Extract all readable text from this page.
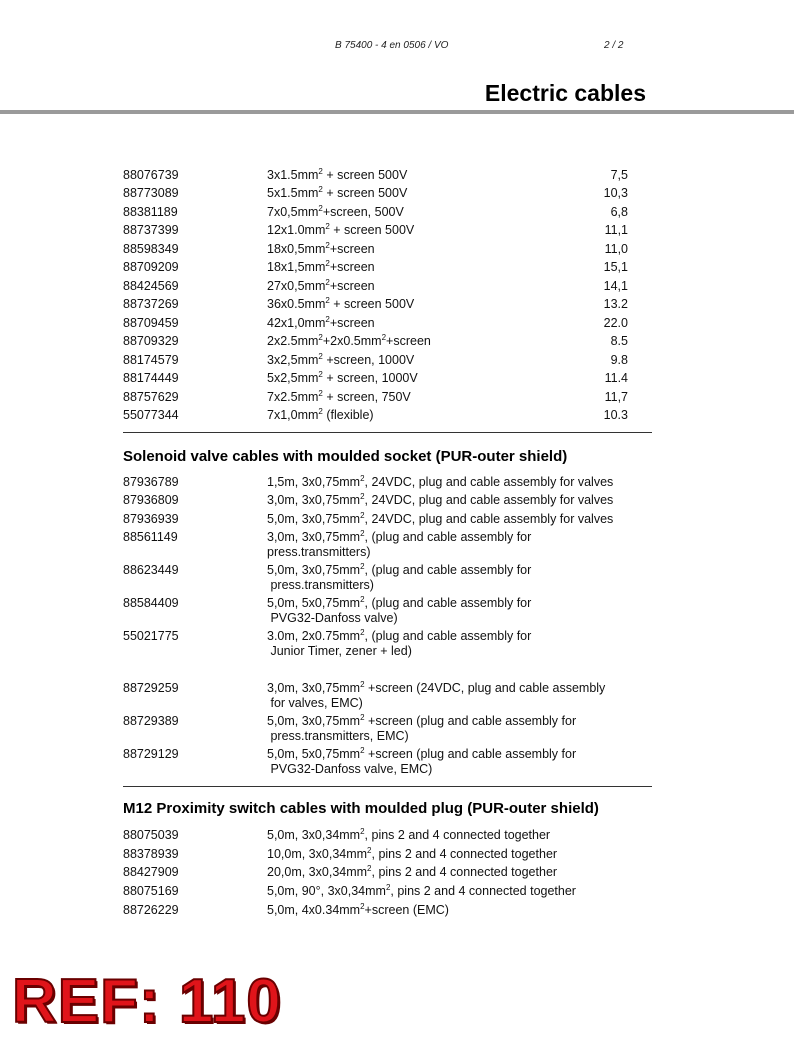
B 75400 - 4 en 0506 / VO	2 / 2
Electric cables
88076739	$3x1.5mm^2$ + screen 500V	7,5
88773089	$5x1.5mm^2$ + screen 500V	10,3
88381189	$7x0,5mm^2+screen$, 500V	6,8
88737399	$12x1.0mm^2$ + screen 500V	11,1
88598349	$18x0,5mm^2+screen$	11,0
88709209	$18x1,5mm^2+screen$	15,1
88424569	$27x0,5mm^2+screen$	14,1
88737269	$36x0.5mm^2$ + screen 500V	13.2
88709459	$42x1,0mm^2+screen$	22.0
88709329	$2x2.5mm^2+2x0.5mm^2+screen$	8.5
88174579	$3x2,5mm^2$ +screen, 1000V	9.8
88174449	$5x2,5mm^2$ + screen, 1000V	11.4
88757629	$7x2.5mm^2$ + screen, 750V	11,7
55077344	$7x1,0mm^2$ (flexible)	10.3
Solenoid valve cables with moulded socket (PUR‐outer shield)
87936789	1,5m, $3x0,75mm^2$, 24VDC, plug and cable assembly for valves
87936809	3,0m, $3x0,75mm^2$, 24VDC, plug and cable assembly for valves
87936939	5,0m, $3x0,75mm^2$, 24VDC, plug and cable assembly for valves
88561149	3,0m, $3x0,75mm^2$, (plug and cable assembly for
press.transmitters)
88623449	5,0m, $3x0,75mm^2$, (plug and cable assembly for
press.transmitters)
88584409	5,0m, $5x0,75mm^2$, (plug and cable assembly for
PVG32‐Danfoss valve)
55021775	3.0m, $2x0.75mm^2$, (plug and cable assembly for
Junior Timer, zener + led)
88729259	3,0m, $3x0,75mm^2$ +screen (24VDC, plug and cable assembly
for valves, EMC)
88729389	5,0m, $3x0,75mm^2$ +screen (plug and cable assembly for
press.transmitters, EMC)
88729129	5,0m, $5x0,75mm^2$ +screen (plug and cable assembly for
PVG32‐Danfoss valve, EMC)
M12 Proximity switch cables with moulded plug (PUR‐outer shield)
88075039	5,0m, $3x0,34mm^2$, pins 2 and 4 connected together
88378939	10,0m, $3x0,34mm^2$, pins 2 and 4 connected together
88427909	20,0m, $3x0,34mm^2$, pins 2 and 4 connected together
88075169	5,0m, 90°, $3x0,34mm^2$, pins 2 and 4 connected together
88726229	5,0m, $4x0.34mm^2+screen$ (EMC)
REF: 110
